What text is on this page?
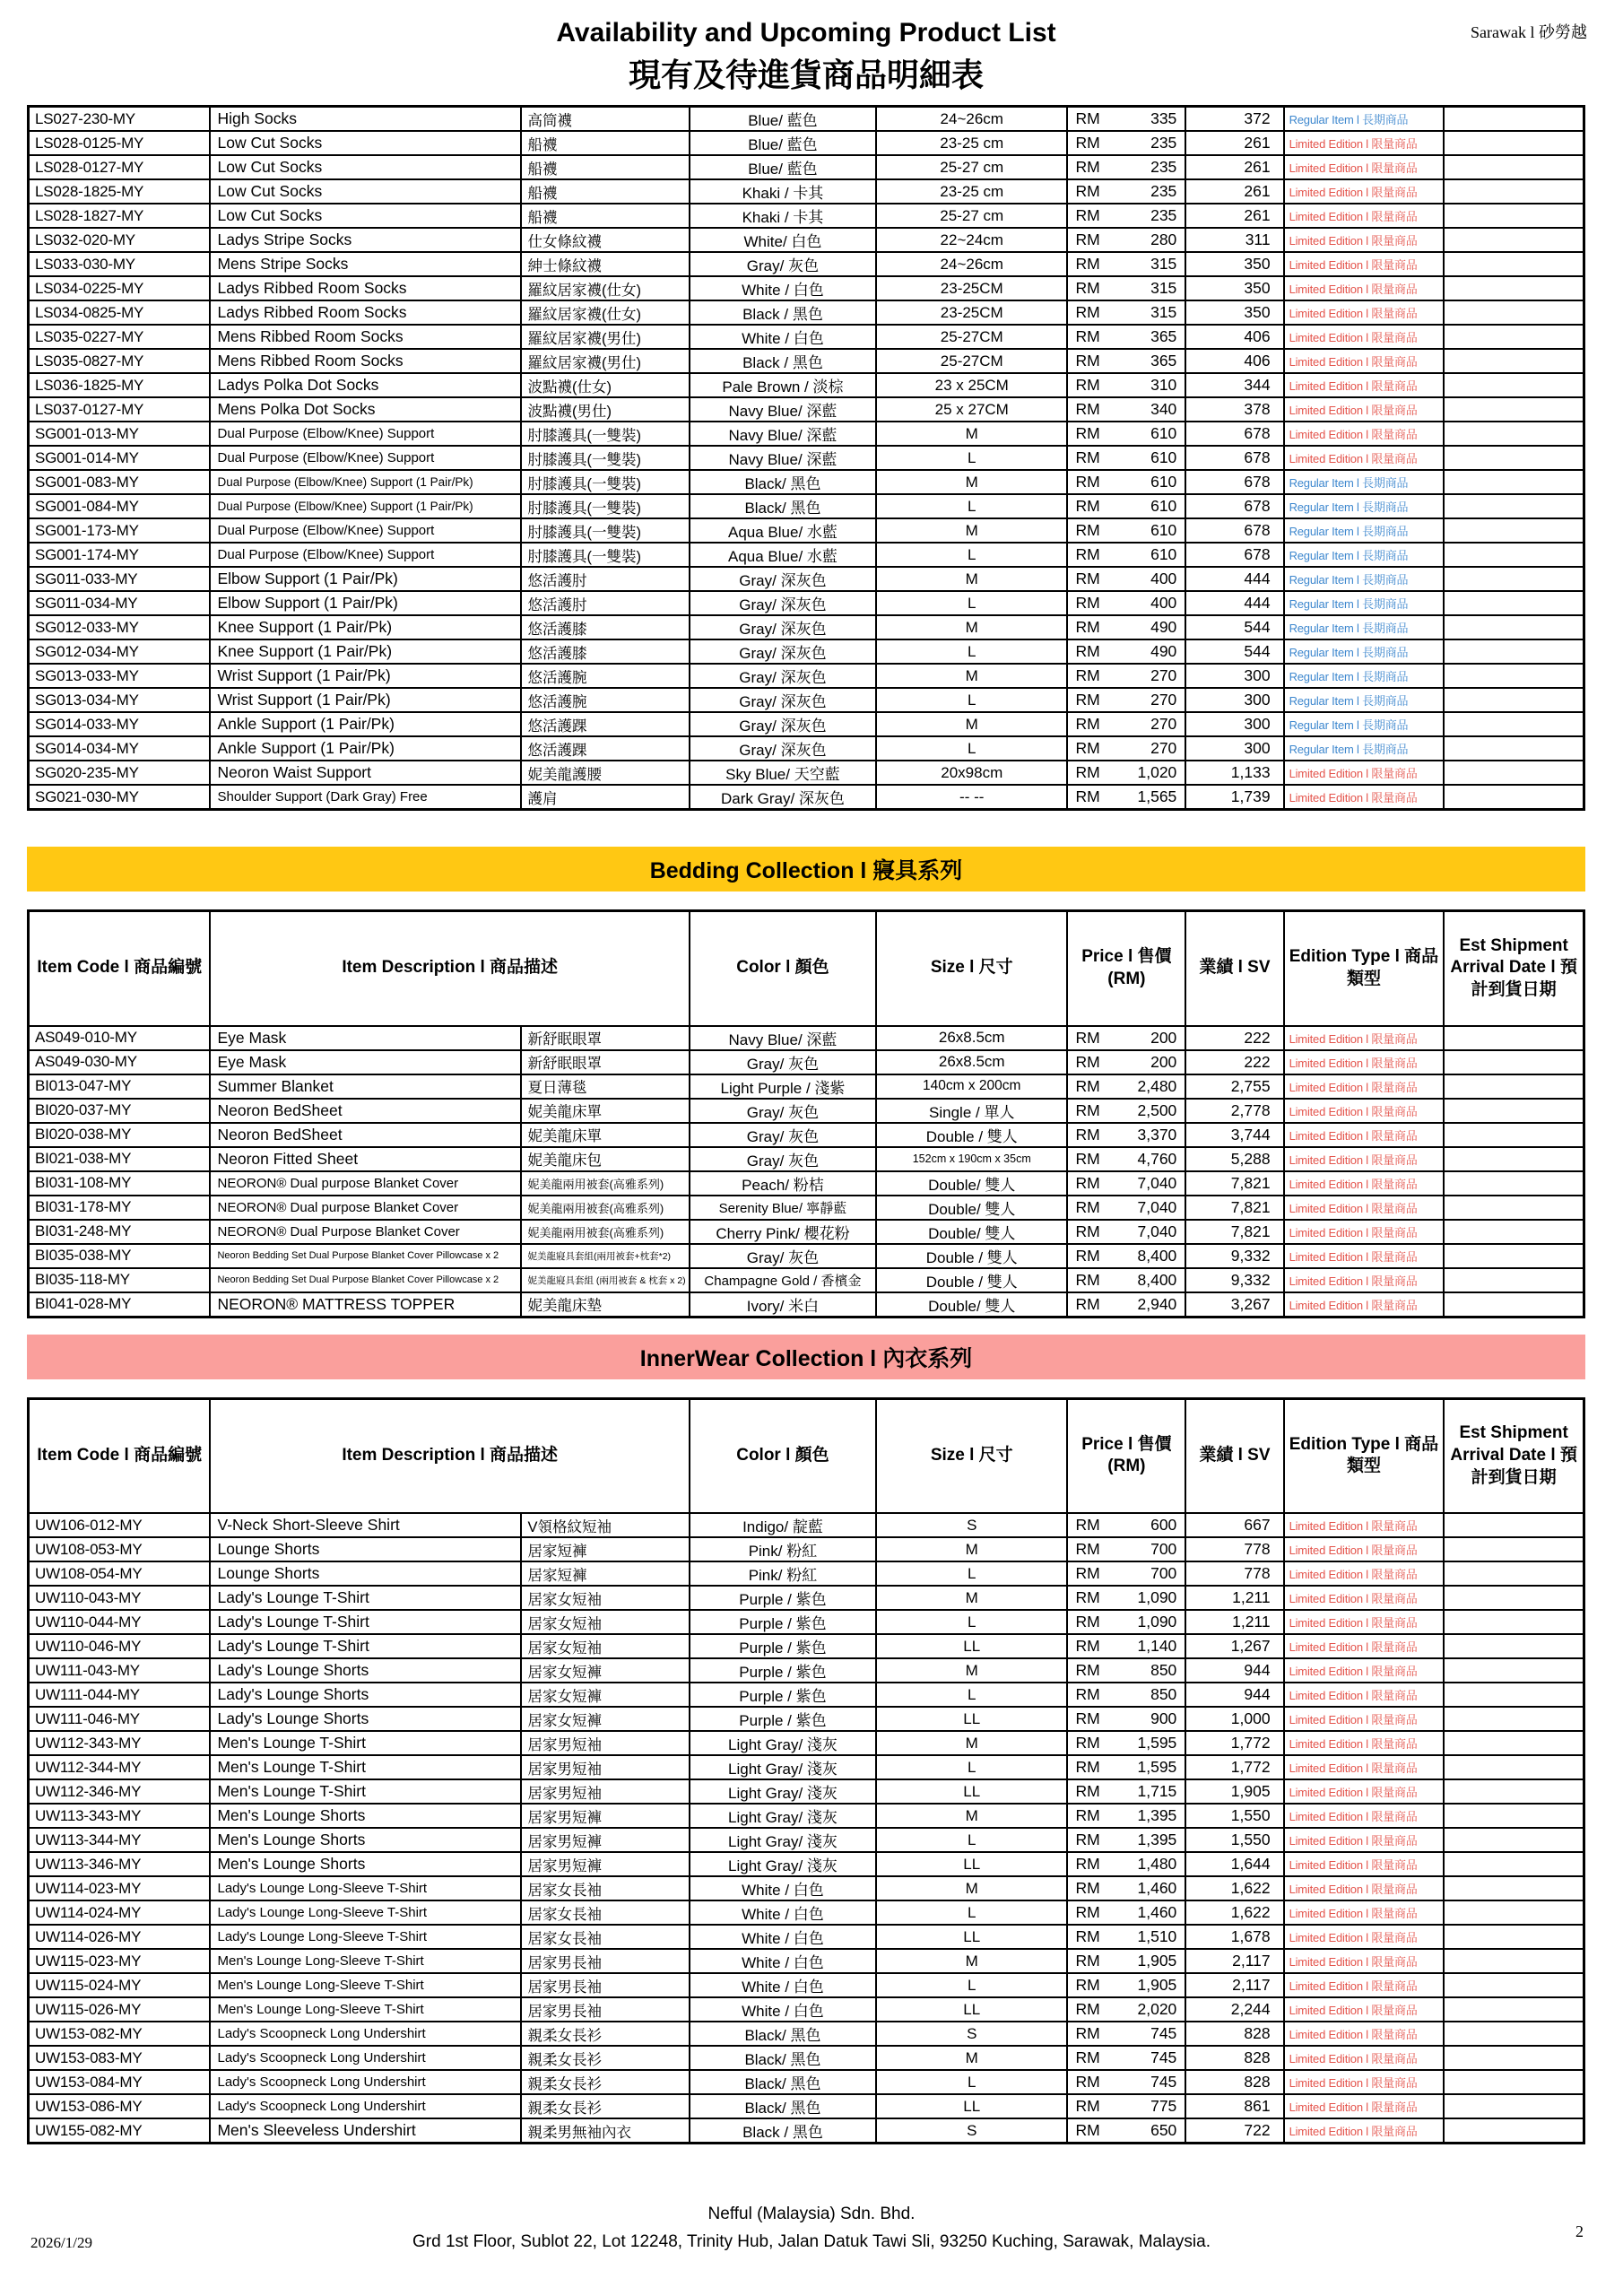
Sarawak l 砂勞越
Availability and Upcoming Product List
現有及待進貨商品明細表
LS027-230-MY	High Socks	高筒襪	Blue/ 藍色	24~26cm	RM 335	372	Regular Item l 長期商品	
LS028-0125-MY	Low Cut Socks	船襪	Blue/ 藍色	23-25 cm	RM 235	261	Limited Edition l 限量商品	
LS028-0127-MY	Low Cut Socks	船襪	Blue/ 藍色	25-27 cm	RM 235	261	Limited Edition l 限量商品	
LS028-1825-MY	Low Cut Socks	船襪	Khaki / 卡其	23-25 cm	RM 235	261	Limited Edition l 限量商品	
LS028-1827-MY	Low Cut Socks	船襪	Khaki / 卡其	25-27 cm	RM 235	261	Limited Edition l 限量商品	
LS032-020-MY	Ladys Stripe Socks	仕女條紋襪	White/ 白色	22~24cm	RM 280	311	Limited Edition l 限量商品	
LS033-030-MY	Mens Stripe Socks	紳士條紋襪	Gray/ 灰色	24~26cm	RM 315	350	Limited Edition l 限量商品	
LS034-0225-MY	Ladys Ribbed Room Socks	羅紋居家襪(仕女)	White / 白色	23-25CM	RM 315	350	Limited Edition l 限量商品	
LS034-0825-MY	Ladys Ribbed Room Socks	羅紋居家襪(仕女)	Black / 黑色	23-25CM	RM 315	350	Limited Edition l 限量商品	
LS035-0227-MY	Mens Ribbed Room Socks	羅紋居家襪(男仕)	White / 白色	25-27CM	RM 365	406	Limited Edition l 限量商品	
LS035-0827-MY	Mens Ribbed Room Socks	羅紋居家襪(男仕)	Black / 黑色	25-27CM	RM 365	406	Limited Edition l 限量商品	
LS036-1825-MY	Ladys Polka Dot Socks	波點襪(仕女)	Pale Brown / 淡棕	23 x 25CM	RM 310	344	Limited Edition l 限量商品	
LS037-0127-MY	Mens Polka Dot Socks	波點襪(男仕)	Navy Blue/ 深藍	25 x 27CM	RM 340	378	Limited Edition l 限量商品	
SG001-013-MY	Dual Purpose (Elbow/Knee) Support	肘膝護具(一雙裝)	Navy Blue/ 深藍	M	RM 610	678	Limited Edition l 限量商品	
SG001-014-MY	Dual Purpose (Elbow/Knee) Support	肘膝護具(一雙裝)	Navy Blue/ 深藍	L	RM 610	678	Limited Edition l 限量商品	
SG001-083-MY	Dual Purpose (Elbow/Knee) Support (1 Pair/Pk)	肘膝護具(一雙裝)	Black/ 黑色	M	RM 610	678	Regular Item l 長期商品	
SG001-084-MY	Dual Purpose (Elbow/Knee) Support (1 Pair/Pk)	肘膝護具(一雙裝)	Black/ 黑色	L	RM 610	678	Regular Item l 長期商品	
SG001-173-MY	Dual Purpose (Elbow/Knee) Support	肘膝護具(一雙裝)	Aqua Blue/ 水藍	M	RM 610	678	Regular Item l 長期商品	
SG001-174-MY	Dual Purpose (Elbow/Knee) Support	肘膝護具(一雙裝)	Aqua Blue/ 水藍	L	RM 610	678	Regular Item l 長期商品	
SG011-033-MY	Elbow Support (1 Pair/Pk)	悠活護肘	Gray/ 深灰色	M	RM 400	444	Regular Item l 長期商品	
SG011-034-MY	Elbow Support (1 Pair/Pk)	悠活護肘	Gray/ 深灰色	L	RM 400	444	Regular Item l 長期商品	
SG012-033-MY	Knee Support (1 Pair/Pk)	悠活護膝	Gray/ 深灰色	M	RM 490	544	Regular Item l 長期商品	
SG012-034-MY	Knee Support (1 Pair/Pk)	悠活護膝	Gray/ 深灰色	L	RM 490	544	Regular Item l 長期商品	
SG013-033-MY	Wrist Support (1 Pair/Pk)	悠活護腕	Gray/ 深灰色	M	RM 270	300	Regular Item l 長期商品	
SG013-034-MY	Wrist Support (1 Pair/Pk)	悠活護腕	Gray/ 深灰色	L	RM 270	300	Regular Item l 長期商品	
SG014-033-MY	Ankle Support (1 Pair/Pk)	悠活護踝	Gray/ 深灰色	M	RM 270	300	Regular Item l 長期商品	
SG014-034-MY	Ankle Support (1 Pair/Pk)	悠活護踝	Gray/ 深灰色	L	RM 270	300	Regular Item l 長期商品	
SG020-235-MY	Neoron Waist Support	妮美龍護腰	Sky Blue/ 天空藍	20x98cm	RM 1,020	1,133	Limited Edition l 限量商品	
SG021-030-MY	Shoulder Support (Dark Gray) Free	護肩	Dark Gray/ 深灰色	-- --	RM 1,565	1,739	Limited Edition l 限量商品	
Bedding Collection l 寢具系列
Item Code l 商品編號	Item Description l 商品描述		Color l 顏色	Size l 尺寸	Price l 售價 (RM)	業績 l SV	Edition Type l 商品類型	Est Shipment Arrival Date l 預計到貨日期
AS049-010-MY	Eye Mask	新舒眠眼罩	Navy Blue/ 深藍	26x8.5cm	RM 200	222	Limited Edition l 限量商品	
AS049-030-MY	Eye Mask	新舒眠眼罩	Gray/ 灰色	26x8.5cm	RM 200	222	Limited Edition l 限量商品	
BI013-047-MY	Summer Blanket	夏日薄毯	Light Purple / 淺紫	140cm x 200cm	RM 2,480	2,755	Limited Edition l 限量商品	
BI020-037-MY	Neoron BedSheet	妮美龍床單	Gray/ 灰色	Single / 單人	RM 2,500	2,778	Limited Edition l 限量商品	
BI020-038-MY	Neoron BedSheet	妮美龍床單	Gray/ 灰色	Double / 雙人	RM 3,370	3,744	Limited Edition l 限量商品	
BI021-038-MY	Neoron Fitted Sheet	妮美龍床包	Gray/ 灰色	152cm x 190cm x 35cm	RM 4,760	5,288	Limited Edition l 限量商品	
BI031-108-MY	NEORON® Dual purpose Blanket Cover	妮美龍兩用被套(高雅系列)	Peach/ 粉桔	Double/ 雙人	RM 7,040	7,821	Limited Edition l 限量商品	
BI031-178-MY	NEORON® Dual purpose Blanket Cover	妮美龍兩用被套(高雅系列)	Serenity Blue/ 寧靜藍	Double/ 雙人	RM 7,040	7,821	Limited Edition l 限量商品	
BI031-248-MY	NEORON® Dual Purpose Blanket Cover	妮美龍兩用被套(高雅系列)	Cherry Pink/ 櫻花粉	Double/ 雙人	RM 7,040	7,821	Limited Edition l 限量商品	
BI035-038-MY	Neoron Bedding Set Dual Purpose Blanket Cover Pillowcase x 2	妮美龍寢具套組(兩用被套+枕套*2)	Gray/ 灰色	Double / 雙人	RM 8,400	9,332	Limited Edition l 限量商品	
BI035-118-MY	Neoron Bedding Set Dual Purpose Blanket Cover Pillowcase x 2	妮美龍寢具套組 (兩用被套 & 枕套 x 2)	Champagne Gold / 香檳金	Double / 雙人	RM 8,400	9,332	Limited Edition l 限量商品	
BI041-028-MY	NEORON® MATTRESS TOPPER	妮美龍床墊	Ivory/ 米白	Double/ 雙人	RM 2,940	3,267	Limited Edition l 限量商品	
InnerWear Collection l 內衣系列
Item Code l 商品編號	Item Description l 商品描述		Color l 顏色	Size l 尺寸	Price l 售價 (RM)	業績 l SV	Edition Type l 商品類型	Est Shipment Arrival Date l 預計到貨日期
UW106-012-MY	V-Neck Short-Sleeve Shirt	V領格紋短袖	Indigo/ 靛藍	S	RM 600	667	Limited Edition l 限量商品	
UW108-053-MY	Lounge Shorts	居家短褲	Pink/ 粉紅	M	RM 700	778	Limited Edition l 限量商品	
UW108-054-MY	Lounge Shorts	居家短褲	Pink/ 粉紅	L	RM 700	778	Limited Edition l 限量商品	
UW110-043-MY	Lady's Lounge T-Shirt	居家女短袖	Purple / 紫色	M	RM 1,090	1,211	Limited Edition l 限量商品	
UW110-044-MY	Lady's Lounge T-Shirt	居家女短袖	Purple / 紫色	L	RM 1,090	1,211	Limited Edition l 限量商品	
UW110-046-MY	Lady's Lounge T-Shirt	居家女短袖	Purple / 紫色	LL	RM 1,140	1,267	Limited Edition l 限量商品	
UW111-043-MY	Lady's Lounge Shorts	居家女短褲	Purple / 紫色	M	RM 850	944	Limited Edition l 限量商品	
UW111-044-MY	Lady's Lounge Shorts	居家女短褲	Purple / 紫色	L	RM 850	944	Limited Edition l 限量商品	
UW111-046-MY	Lady's Lounge Shorts	居家女短褲	Purple / 紫色	LL	RM 900	1,000	Limited Edition l 限量商品	
UW112-343-MY	Men's Lounge T-Shirt	居家男短袖	Light Gray/ 淺灰	M	RM 1,595	1,772	Limited Edition l 限量商品	
UW112-344-MY	Men's Lounge T-Shirt	居家男短袖	Light Gray/ 淺灰	L	RM 1,595	1,772	Limited Edition l 限量商品	
UW112-346-MY	Men's Lounge T-Shirt	居家男短袖	Light Gray/ 淺灰	LL	RM 1,715	1,905	Limited Edition l 限量商品	
UW113-343-MY	Men's Lounge Shorts	居家男短褲	Light Gray/ 淺灰	M	RM 1,395	1,550	Limited Edition l 限量商品	
UW113-344-MY	Men's Lounge Shorts	居家男短褲	Light Gray/ 淺灰	L	RM 1,395	1,550	Limited Edition l 限量商品	
UW113-346-MY	Men's Lounge Shorts	居家男短褲	Light Gray/ 淺灰	LL	RM 1,480	1,644	Limited Edition l 限量商品	
UW114-023-MY	Lady's Lounge Long-Sleeve T-Shirt	居家女長袖	White / 白色	M	RM 1,460	1,622	Limited Edition l 限量商品	
UW114-024-MY	Lady's Lounge Long-Sleeve T-Shirt	居家女長袖	White / 白色	L	RM 1,460	1,622	Limited Edition l 限量商品	
UW114-026-MY	Lady's Lounge Long-Sleeve T-Shirt	居家女長袖	White / 白色	LL	RM 1,510	1,678	Limited Edition l 限量商品	
UW115-023-MY	Men's Lounge Long-Sleeve T-Shirt	居家男長袖	White / 白色	M	RM 1,905	2,117	Limited Edition l 限量商品	
UW115-024-MY	Men's Lounge Long-Sleeve T-Shirt	居家男長袖	White / 白色	L	RM 1,905	2,117	Limited Edition l 限量商品	
UW115-026-MY	Men's Lounge Long-Sleeve T-Shirt	居家男長袖	White / 白色	LL	RM 2,020	2,244	Limited Edition l 限量商品	
UW153-082-MY	Lady's Scoopneck Long Undershirt	親柔女長衫	Black/ 黑色	S	RM 745	828	Limited Edition l 限量商品	
UW153-083-MY	Lady's Scoopneck Long Undershirt	親柔女長衫	Black/ 黑色	M	RM 745	828	Limited Edition l 限量商品	
UW153-084-MY	Lady's Scoopneck Long Undershirt	親柔女長衫	Black/ 黑色	L	RM 745	828	Limited Edition l 限量商品	
UW153-086-MY	Lady's Scoopneck Long Undershirt	親柔女長衫	Black/ 黑色	LL	RM 775	861	Limited Edition l 限量商品	
UW155-082-MY	Men's Sleeveless Undershirt	親柔男無袖內衣	Black / 黑色	S	RM 650	722	Limited Edition l 限量商品	
Nefful (Malaysia) Sdn. Bhd.
Grd 1st Floor, Sublot 22, Lot 12248, Trinity Hub, Jalan Datuk Tawi Sli, 93250 Kuching, Sarawak, Malaysia.
2026/1/29
2
